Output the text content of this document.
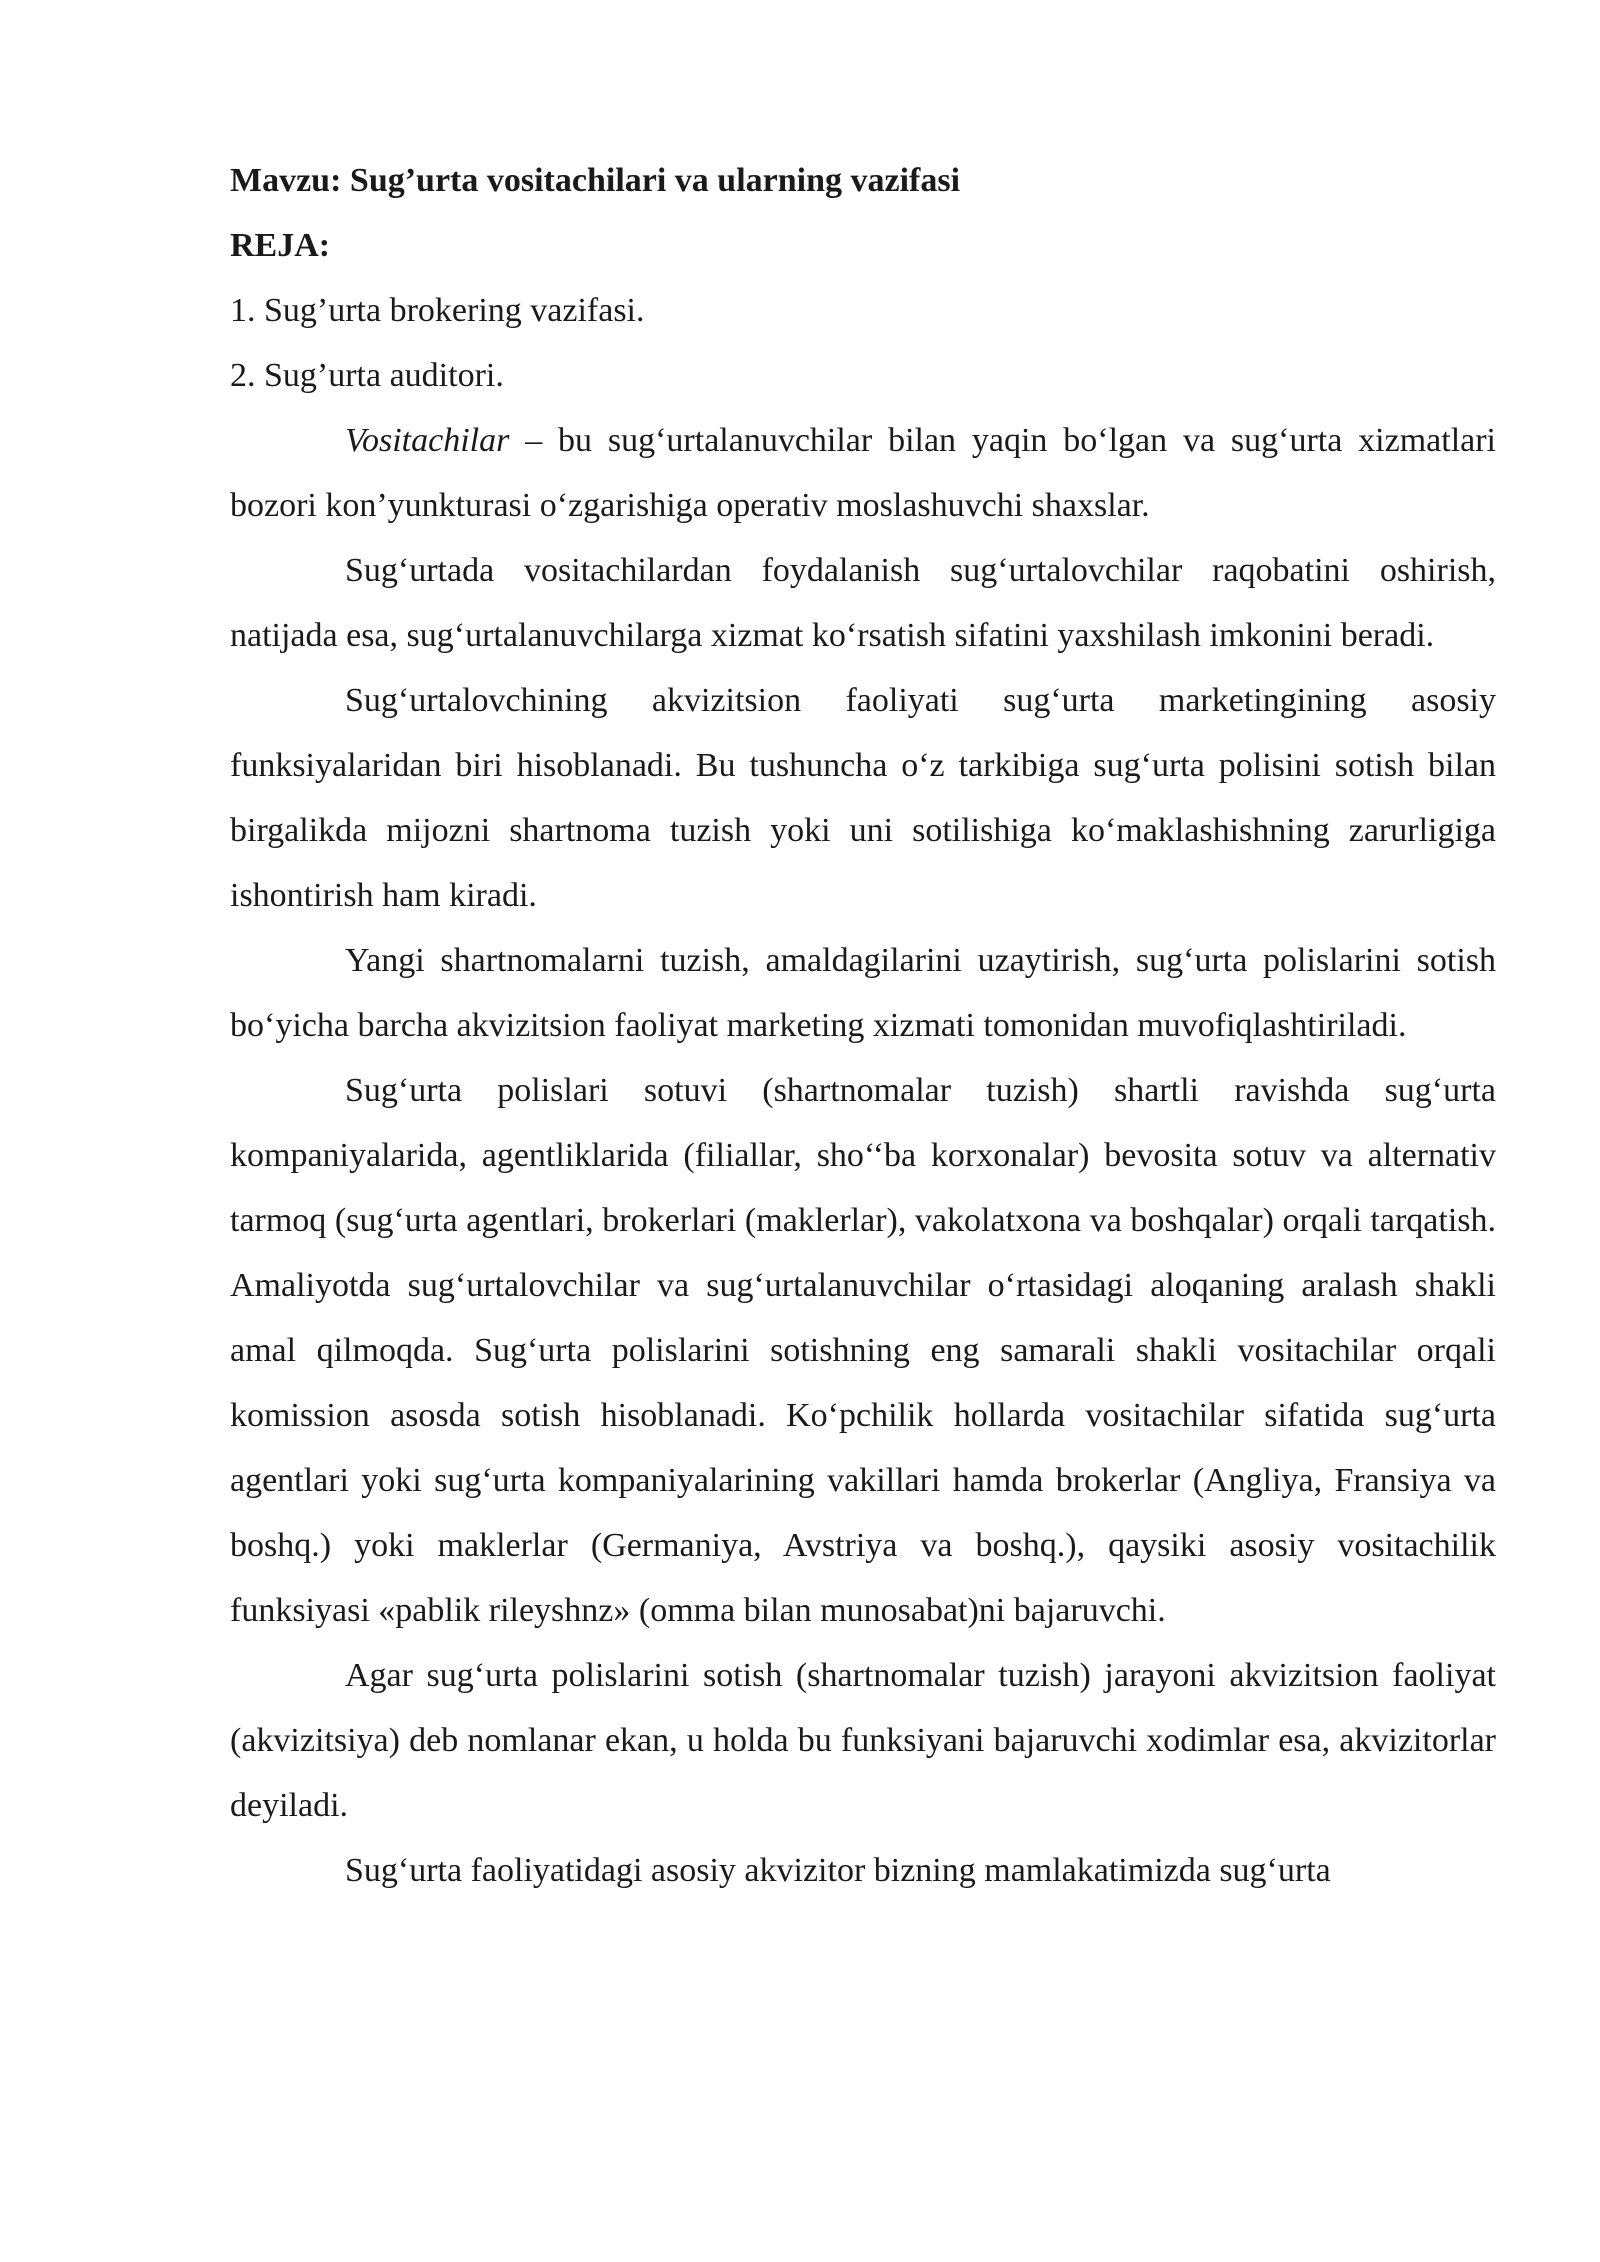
Mavzu: Sug’urta vositachilari va ularning vazifasi

REJA:

1. Sug’urta brokering vazifasi.

2. Sug’urta auditori.

Vositachilar – bu sug‘urtalanuvchilar bilan yaqin bo‘lgan va sug‘urta xizmatlari bozori kon’yunkturasi o‘zgarishiga operativ moslashuvchi shaxslar.

Sug‘urtada vositachilardan foydalanish sug‘urtalovchilar raqobatini oshirish, natijada esa, sug‘urtalanuvchilarga xizmat ko‘rsatish sifatini yaxshilash imkonini beradi.

Sug‘urtalovchining akvizitsion faoliyati sug‘urta marketingining asosiy funksiyalaridan biri hisoblanadi. Bu tushuncha o‘z tarkibiga sug‘urta polisini sotish bilan birgalikda mijozni shartnoma tuzish yoki uni sotilishiga ko‘maklashishning zarurligiga ishontirish ham kiradi.

Yangi shartnomalarni tuzish, amaldagilarini uzaytirish, sug‘urta polislarini sotish bo‘yicha barcha akvizitsion faoliyat marketing xizmati tomonidan muvofiqlashtiriladi.

Sug‘urta polislari sotuvi (shartnomalar tuzish) shartli ravishda sug‘urta kompaniyalarida, agentliklarida (filiallar, sho‘‘ba korxonalar) bevosita sotuv va alternativ tarmoq (sug‘urta agentlari, brokerlari (maklerlar), vakolatxona va boshqalar) orqali tarqatish. Amaliyotda sug‘urtalovchilar va sug‘urtalanuvchilar o‘rtasidagi aloqaning aralash shakli amal qilmoqda. Sug‘urta polislarini sotishning eng samarali shakli vositachilar orqali komission asosda sotish hisoblanadi. Ko‘pchilik hollarda vositachilar sifatida sug‘urta agentlari yoki sug‘urta kompaniyalarining vakillari hamda brokerlar (Angliya, Fransiya va boshq.) yoki maklerlar (Germaniya, Avstriya va boshq.), qaysiki asosiy vositachilik funksiyasi «pablik rileyshnz» (omma bilan munosabat)ni bajaruvchi.

Agar sug‘urta polislarini sotish (shartnomalar tuzish) jarayoni akvizitsion faoliyat (akvizitsiya) deb nomlanar ekan, u holda bu funksiyani bajaruvchi xodimlar esa, akvizitorlar deyiladi.

Sug‘urta faoliyatidagi asosiy akvizitor bizning mamlakatimizda sug‘urta
